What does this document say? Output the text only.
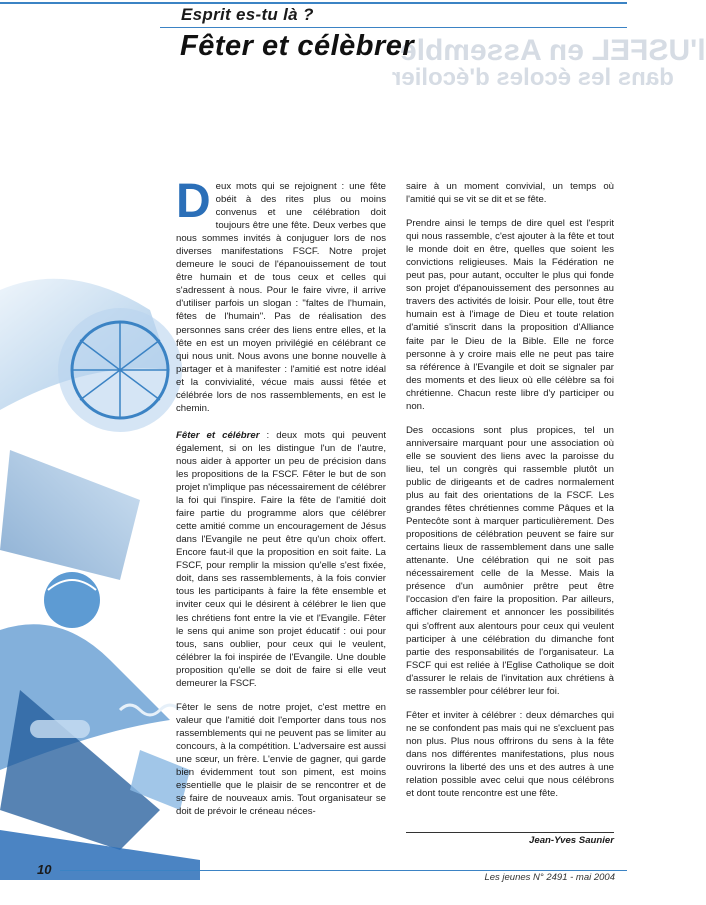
l'USFEL en Assemble
dans les écoles d'écolier
Esprit es-tu là ?
Fêter et célèbrer

Deux mots qui se rejoignent : une fête obéit à des rites plus ou moins convenus et une célébration doit toujours être une fête. Deux verbes que nous sommes invités à conjuguer lors de nos diverses manifestations FSCF. Notre projet demeure le souci de l'épanouissement de tout être humain et de tous ceux et celles qui s'adressent à nous. Pour le faire vivre, il arrive d'utiliser parfois un slogan : "faltes de l'humain, fêtes de l'humain". Pas de réalisation des personnes sans créer des liens entre elles, et la fête en est un moyen privilégié en célébrant ce qui nous unit. Nous avons une bonne nouvelle à partager et à manifester : l'amitié est notre idéal et la convivialité, vécue mais aussi fêtée et célébrée lors de nos rassemblements, en est le chemin.

Fêter et célébrer : deux mots qui peuvent également, si on les distingue l'un de l'autre, nous aider à apporter un peu de précision dans les propositions de la FSCF. Fêter le but de son projet n'implique pas nécessairement de célébrer la foi qui l'inspire. Faire la fête de l'amitié doit faire partie du programme alors que célébrer cette amitié comme un encouragement de Jésus dans l'Evangile ne peut être qu'un choix offert. Encore faut-il que la proposition en soit faite. La FSCF, pour remplir la mission qu'elle s'est fixée, doit, dans ses rassemblements, à la fois convier tous les participants à faire la fête ensemble et inviter ceux qui le désirent à célébrer le lien que les chrétiens font entre la vie et l'Evangile. Fêter le sens qui anime son projet éducatif : oui pour tous, sans oublier, pour ceux qui le veulent, célébrer la foi inspirée de l'Evangile. Une double proposition qu'elle se doit de faire si elle veut demeurer la FSCF.

Fêter le sens de notre projet, c'est mettre en valeur que l'amitié doit l'emporter dans tous nos rassemblements qui ne peuvent pas se limiter au concours, à la compétition. L'adversaire est aussi une sœur, un frère. L'envie de gagner, qui garde bien évidemment tout son piment, est moins essentielle que le plaisir de se rencontrer et de se faire de nouveaux amis. Tout organisateur se doit de prévoir le créneau néces-

saire à un moment convivial, un temps où l'amitié qui se vit se dit et se fête.

Prendre ainsi le temps de dire quel est l'esprit qui nous rassemble, c'est ajouter à la fête et tout le monde doit en être, quelles que soient les convictions religieuses. Mais la Fédération ne peut pas, pour autant, occulter le plus qui fonde son projet d'épanouissement des personnes au travers des activités de loisir. Pour elle, tout être humain est à l'image de Dieu et toute relation d'amitié s'inscrit dans la proposition d'Alliance faite par le Dieu de la Bible. Elle ne force personne à y croire mais elle ne peut pas taire sa référence à l'Evangile et doit se signaler par des moments et des lieux où elle célèbre sa foi chrétienne. Chacun reste libre d'y participer ou non.

Des occasions sont plus propices, tel un anniversaire marquant pour une association où elle se souvient des liens avec la paroisse du lieu, tel un congrès qui rassemble plutôt un public de dirigeants et de cadres normalement plus au fait des orientations de la FSCF. Les grandes fêtes chrétiennes comme Pâques et la Pentecôte sont à marquer particulièrement. Des propositions de célébration peuvent se faire sur certains lieux de rassemblement dans une salle attenante. Une célébration qui ne soit pas nécessairement celle de la Messe. Mais la présence d'un aumônier prêtre peut être l'occasion d'en faire la proposition. Par ailleurs, afficher clairement et annoncer les possibilités qui s'offrent aux alentours pour ceux qui veulent participer à une célébration du dimanche font partie des responsabilités de l'organisateur. La FSCF qui est reliée à l'Eglise Catholique se doit d'assurer le relais de l'invitation aux chrétiens à se rassembler pour célébrer leur foi.

Fêter et inviter à célébrer : deux démarches qui ne se confondent pas mais qui ne s'excluent pas non plus. Plus nous offrirons du sens à la fête dans nos différentes manifestations, plus nous ouvrirons la liberté des uns et des autres à une relation possible avec celui que nous célébrons et dont toute rencontre est une fête.

Jean-Yves Saunier
10
Les jeunes N° 2491 - mai 2004
